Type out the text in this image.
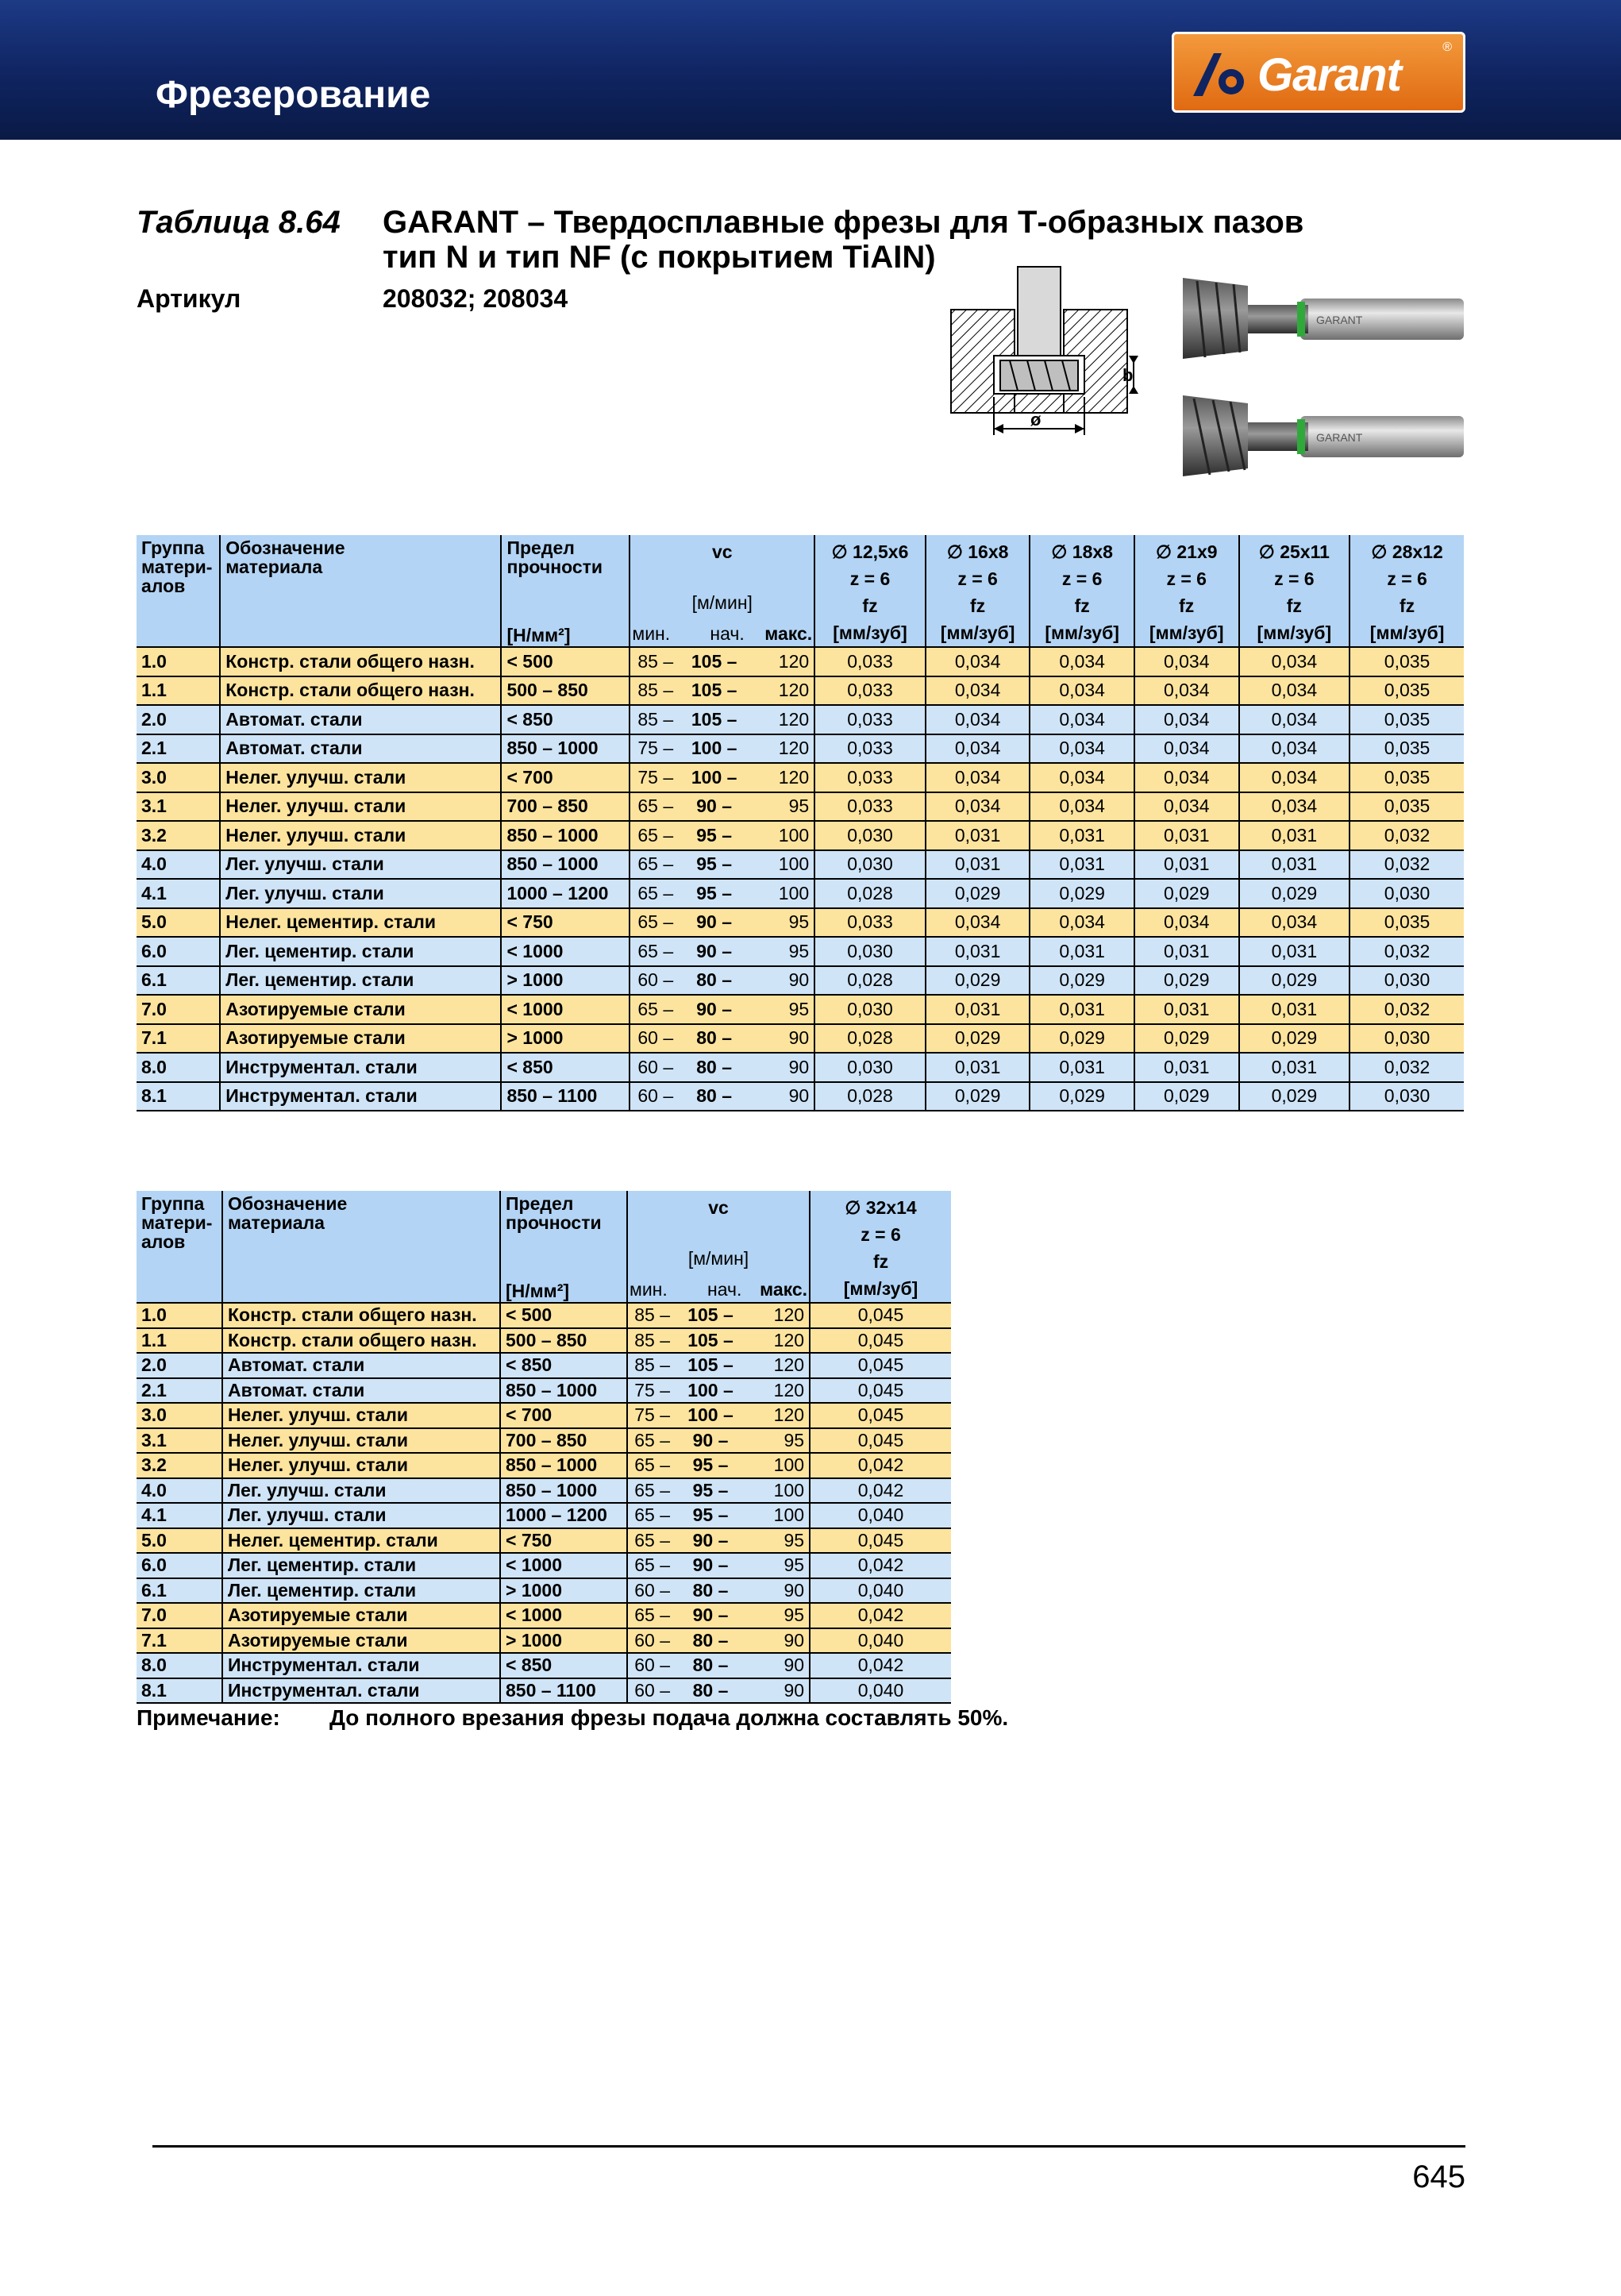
Фрезерование	Garant
®
Таблица 8.64 GARANT – Твердосплавные фрезы для Т-образных пазов
тип N и тип NF (с покрытием TiAIN)
Артикул	208032; 208034
b
ø
GARANT
GARANT
Группа
матери-
алов	Обозначение
материала	Предел
прочности
[Н/мм²]	vc
[м/мин]
мин. нач. макс.			∅ 12,5x6
z = 6
fz
[мм/зуб]	∅ 16x8
z = 6
fz
[мм/зуб]	∅ 18x8
z = 6
fz
[мм/зуб]	∅ 21x9
z = 6
fz
[мм/зуб]	∅ 25x11
z = 6
fz
[мм/зуб]	∅ 28x12
z = 6
fz
[мм/зуб]

1.0	Констр. стали общего назн.	< 500	85 –	105 –	120	0,033	0,034	0,034	0,034	0,034	0,035
1.1	Констр. стали общего назн.	500 – 850	85 –	105 –	120	0,033	0,034	0,034	0,034	0,034	0,035
2.0	Автомат. стали	< 850	85 –	105 –	120	0,033	0,034	0,034	0,034	0,034	0,035
2.1	Автомат. стали	850 – 1000	75 –	100 –	120	0,033	0,034	0,034	0,034	0,034	0,035
3.0	Нелег. улучш. стали	< 700	75 –	100 –	120	0,033	0,034	0,034	0,034	0,034	0,035
3.1	Нелег. улучш. стали	700 – 850	65 –	90 –	95	0,033	0,034	0,034	0,034	0,034	0,035
3.2	Нелег. улучш. стали	850 – 1000	65 –	95 –	100	0,030	0,031	0,031	0,031	0,031	0,032
4.0	Лег. улучш. стали	850 – 1000	65 –	95 –	100	0,030	0,031	0,031	0,031	0,031	0,032
4.1	Лег. улучш. стали	1000 – 1200	65 –	95 –	100	0,028	0,029	0,029	0,029	0,029	0,030
5.0	Нелег. цементир. стали	< 750	65 –	90 –	95	0,033	0,034	0,034	0,034	0,034	0,035
6.0	Лег. цементир. стали	< 1000	65 –	90 –	95	0,030	0,031	0,031	0,031	0,031	0,032
6.1	Лег. цементир. стали	> 1000	60 –	80 –	90	0,028	0,029	0,029	0,029	0,029	0,030
7.0	Азотируемые стали	< 1000	65 –	90 –	95	0,030	0,031	0,031	0,031	0,031	0,032
7.1	Азотируемые стали	> 1000	60 –	80 –	90	0,028	0,029	0,029	0,029	0,029	0,030
8.0	Инструментал. стали	< 850	60 –	80 –	90	0,030	0,031	0,031	0,031	0,031	0,032
8.1	Инструментал. стали	850 – 1100	60 –	80 –	90	0,028	0,029	0,029	0,029	0,029	0,030
Группа
матери-
алов	Обозначение
материала	Предел
прочности
[Н/мм²]	vc
[м/мин]
мин. нач. макс.			∅ 32x14
z = 6
fz
[мм/зуб]

1.0	Констр. стали общего назн.	< 500	85 –	105 –	120	0,045
1.1	Констр. стали общего назн.	500 – 850	85 –	105 –	120	0,045
2.0	Автомат. стали	< 850	85 –	105 –	120	0,045
2.1	Автомат. стали	850 – 1000	75 –	100 –	120	0,045
3.0	Нелег. улучш. стали	< 700	75 –	100 –	120	0,045
3.1	Нелег. улучш. стали	700 – 850	65 –	90 –	95	0,045
3.2	Нелег. улучш. стали	850 – 1000	65 –	95 –	100	0,042
4.0	Лег. улучш. стали	850 – 1000	65 –	95 –	100	0,042
4.1	Лег. улучш. стали	1000 – 1200	65 –	95 –	100	0,040
5.0	Нелег. цементир. стали	< 750	65 –	90 –	95	0,045
6.0	Лег. цементир. стали	< 1000	65 –	90 –	95	0,042
6.1	Лег. цементир. стали	> 1000	60 –	80 –	90	0,040
7.0	Азотируемые стали	< 1000	65 –	90 –	95	0,042
7.1	Азотируемые стали	> 1000	60 –	80 –	90	0,040
8.0	Инструментал. стали	< 850	60 –	80 –	90	0,042
8.1	Инструментал. стали	850 – 1100	60 –	80 –	90	0,040
Примечание: До полного врезания фрезы подача должна составлять 50%.
645
